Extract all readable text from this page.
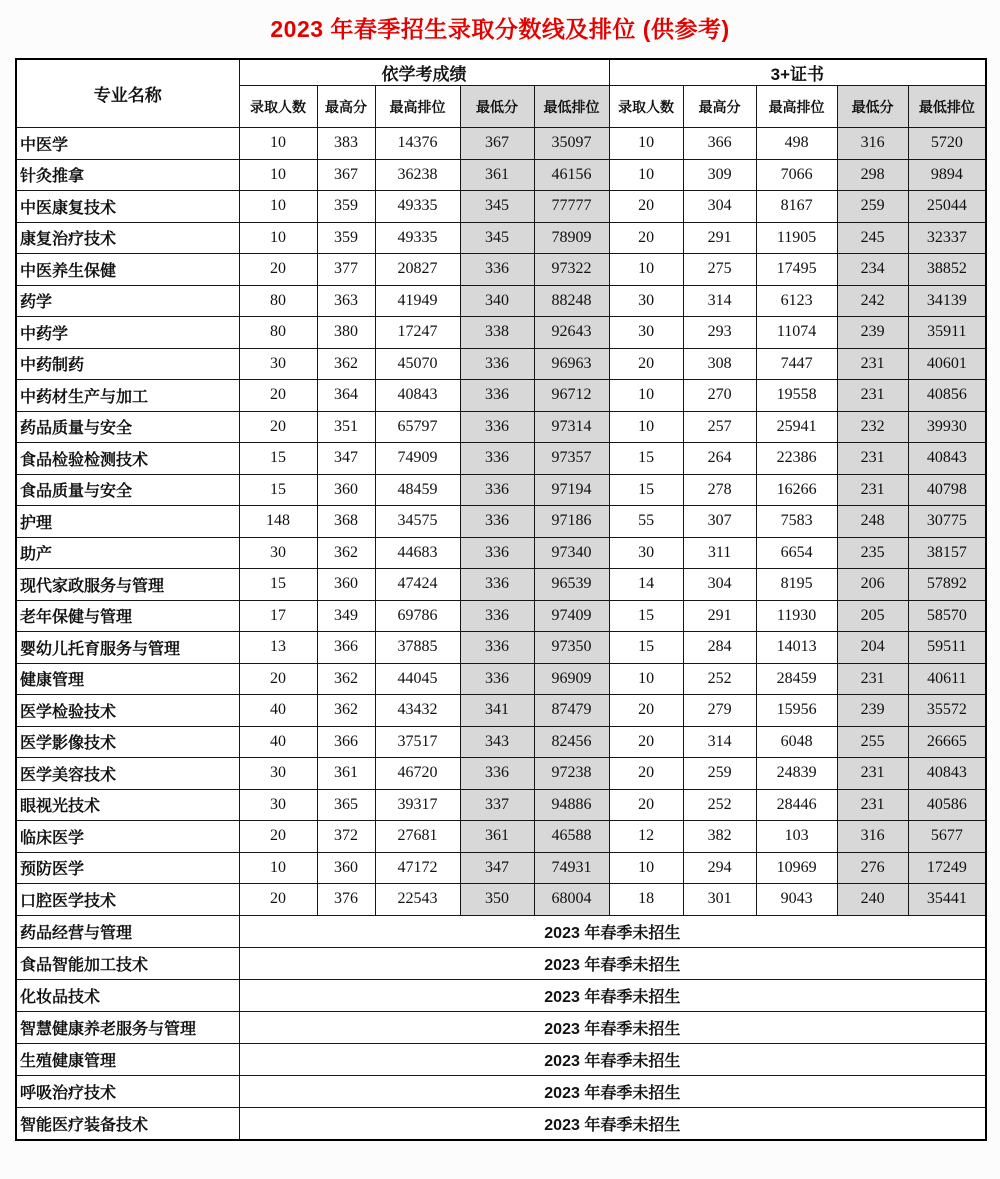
2023 年春季招生录取分数线及排位 (供参考)
专业名称	依学考成绩					3+证书				
	录取人数	最高分	最高排位	最低分	最低排位	录取人数	最高分	最高排位	最低分	最低排位
中医学	10	383	14376	367	35097	10	366	498	316	5720
针灸推拿	10	367	36238	361	46156	10	309	7066	298	9894
中医康复技术	10	359	49335	345	77777	20	304	8167	259	25044
康复治疗技术	10	359	49335	345	78909	20	291	11905	245	32337
中医养生保健	20	377	20827	336	97322	10	275	17495	234	38852
药学	80	363	41949	340	88248	30	314	6123	242	34139
中药学	80	380	17247	338	92643	30	293	11074	239	35911
中药制药	30	362	45070	336	96963	20	308	7447	231	40601
中药材生产与加工	20	364	40843	336	96712	10	270	19558	231	40856
药品质量与安全	20	351	65797	336	97314	10	257	25941	232	39930
食品检验检测技术	15	347	74909	336	97357	15	264	22386	231	40843
食品质量与安全	15	360	48459	336	97194	15	278	16266	231	40798
护理	148	368	34575	336	97186	55	307	7583	248	30775
助产	30	362	44683	336	97340	30	311	6654	235	38157
现代家政服务与管理	15	360	47424	336	96539	14	304	8195	206	57892
老年保健与管理	17	349	69786	336	97409	15	291	11930	205	58570
婴幼儿托育服务与管理	13	366	37885	336	97350	15	284	14013	204	59511
健康管理	20	362	44045	336	96909	10	252	28459	231	40611
医学检验技术	40	362	43432	341	87479	20	279	15956	239	35572
医学影像技术	40	366	37517	343	82456	20	314	6048	255	26665
医学美容技术	30	361	46720	336	97238	20	259	24839	231	40843
眼视光技术	30	365	39317	337	94886	20	252	28446	231	40586
临床医学	20	372	27681	361	46588	12	382	103	316	5677
预防医学	10	360	47172	347	74931	10	294	10969	276	17249
口腔医学技术	20	376	22543	350	68004	18	301	9043	240	35441
药品经营与管理	2023 年春季未招生									
食品智能加工技术	2023 年春季未招生									
化妆品技术	2023 年春季未招生									
智慧健康养老服务与管理	2023 年春季未招生									
生殖健康管理	2023 年春季未招生									
呼吸治疗技术	2023 年春季未招生									
智能医疗装备技术	2023 年春季未招生									
